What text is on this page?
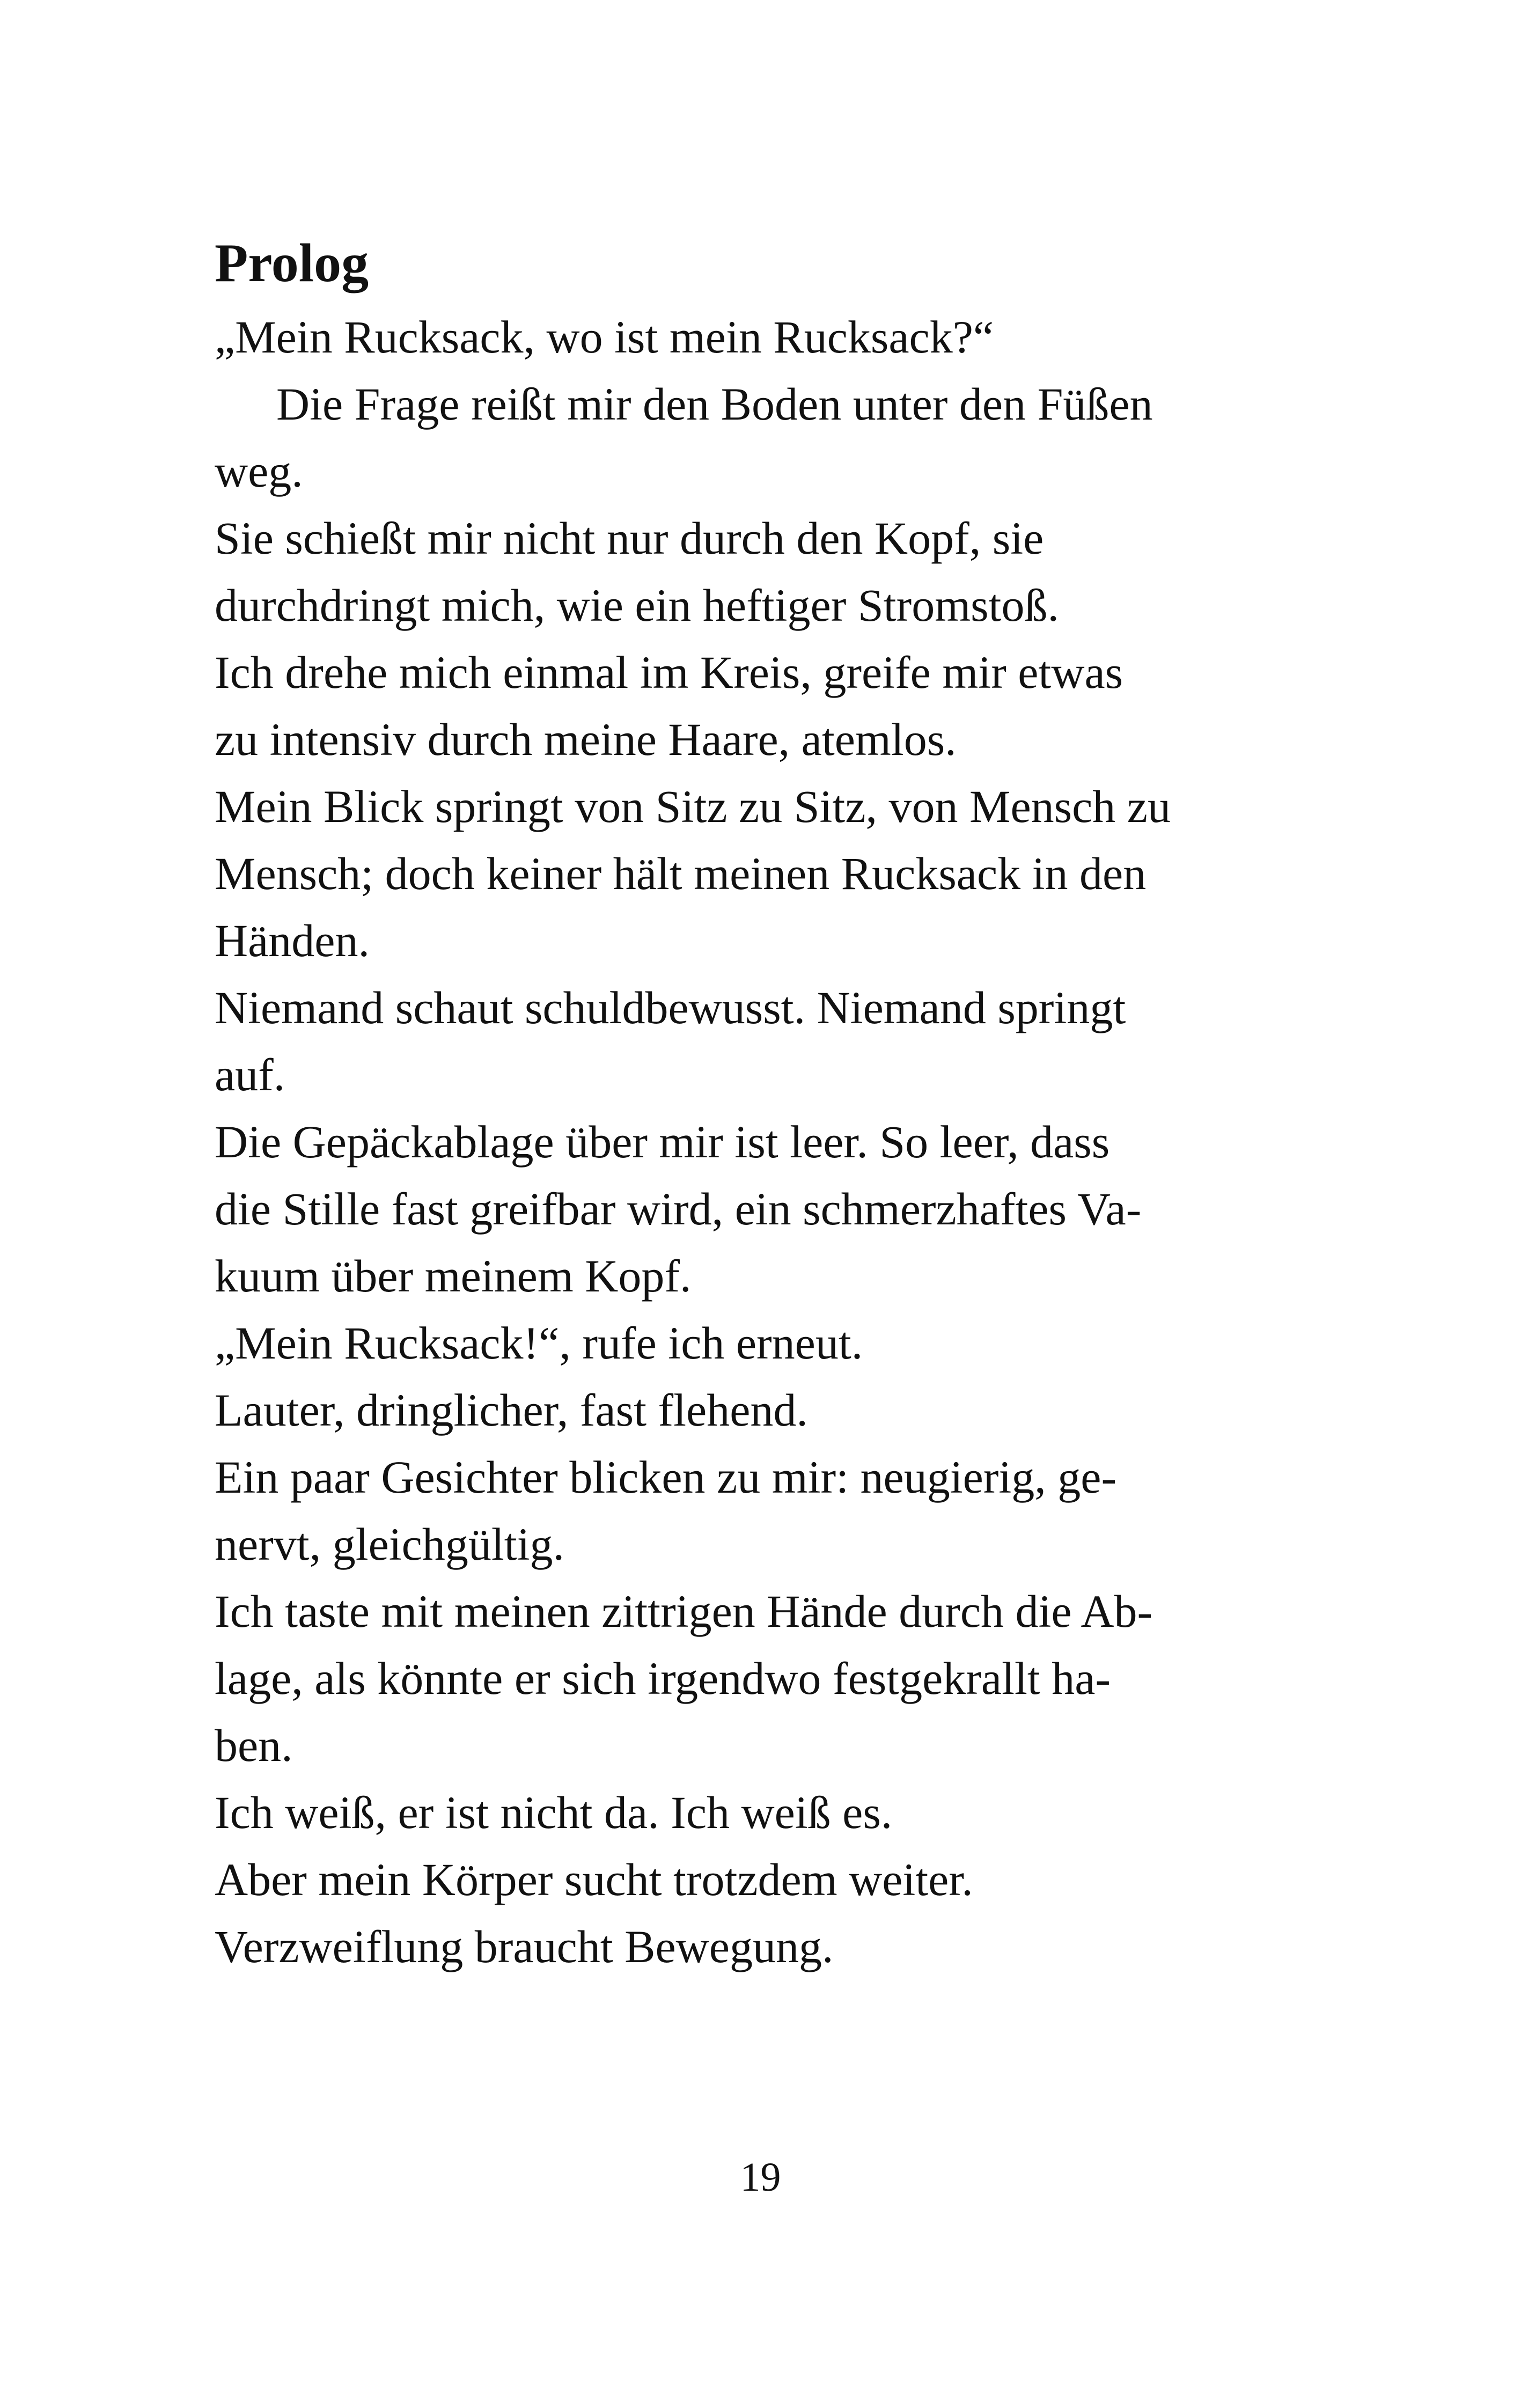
Prolog

„Mein Rucksack, wo ist mein Rucksack?“

Die Frage reißt mir den Boden unter den Füßen

weg.

Sie schießt mir nicht nur durch den Kopf, sie

durchdringt mich, wie ein heftiger Stromstoß.

Ich drehe mich einmal im Kreis, greife mir etwas

zu intensiv durch meine Haare, atemlos.

Mein Blick springt von Sitz zu Sitz, von Mensch zu

Mensch; doch keiner hält meinen Rucksack in den

Händen.

Niemand schaut schuldbewusst. Niemand springt

auf.

Die Gepäckablage über mir ist leer. So leer, dass

die Stille fast greifbar wird, ein schmerzhaftes Va-

kuum über meinem Kopf.

„Mein Rucksack!“, rufe ich erneut.

Lauter, dringlicher, fast flehend.

Ein paar Gesichter blicken zu mir: neugierig, ge-

nervt, gleichgültig.

Ich taste mit meinen zittrigen Hände durch die Ab-

lage, als könnte er sich irgendwo festgekrallt ha-

ben.

Ich weiß, er ist nicht da. Ich weiß es.

Aber mein Körper sucht trotzdem weiter.

Verzweiflung braucht Bewegung.

19
